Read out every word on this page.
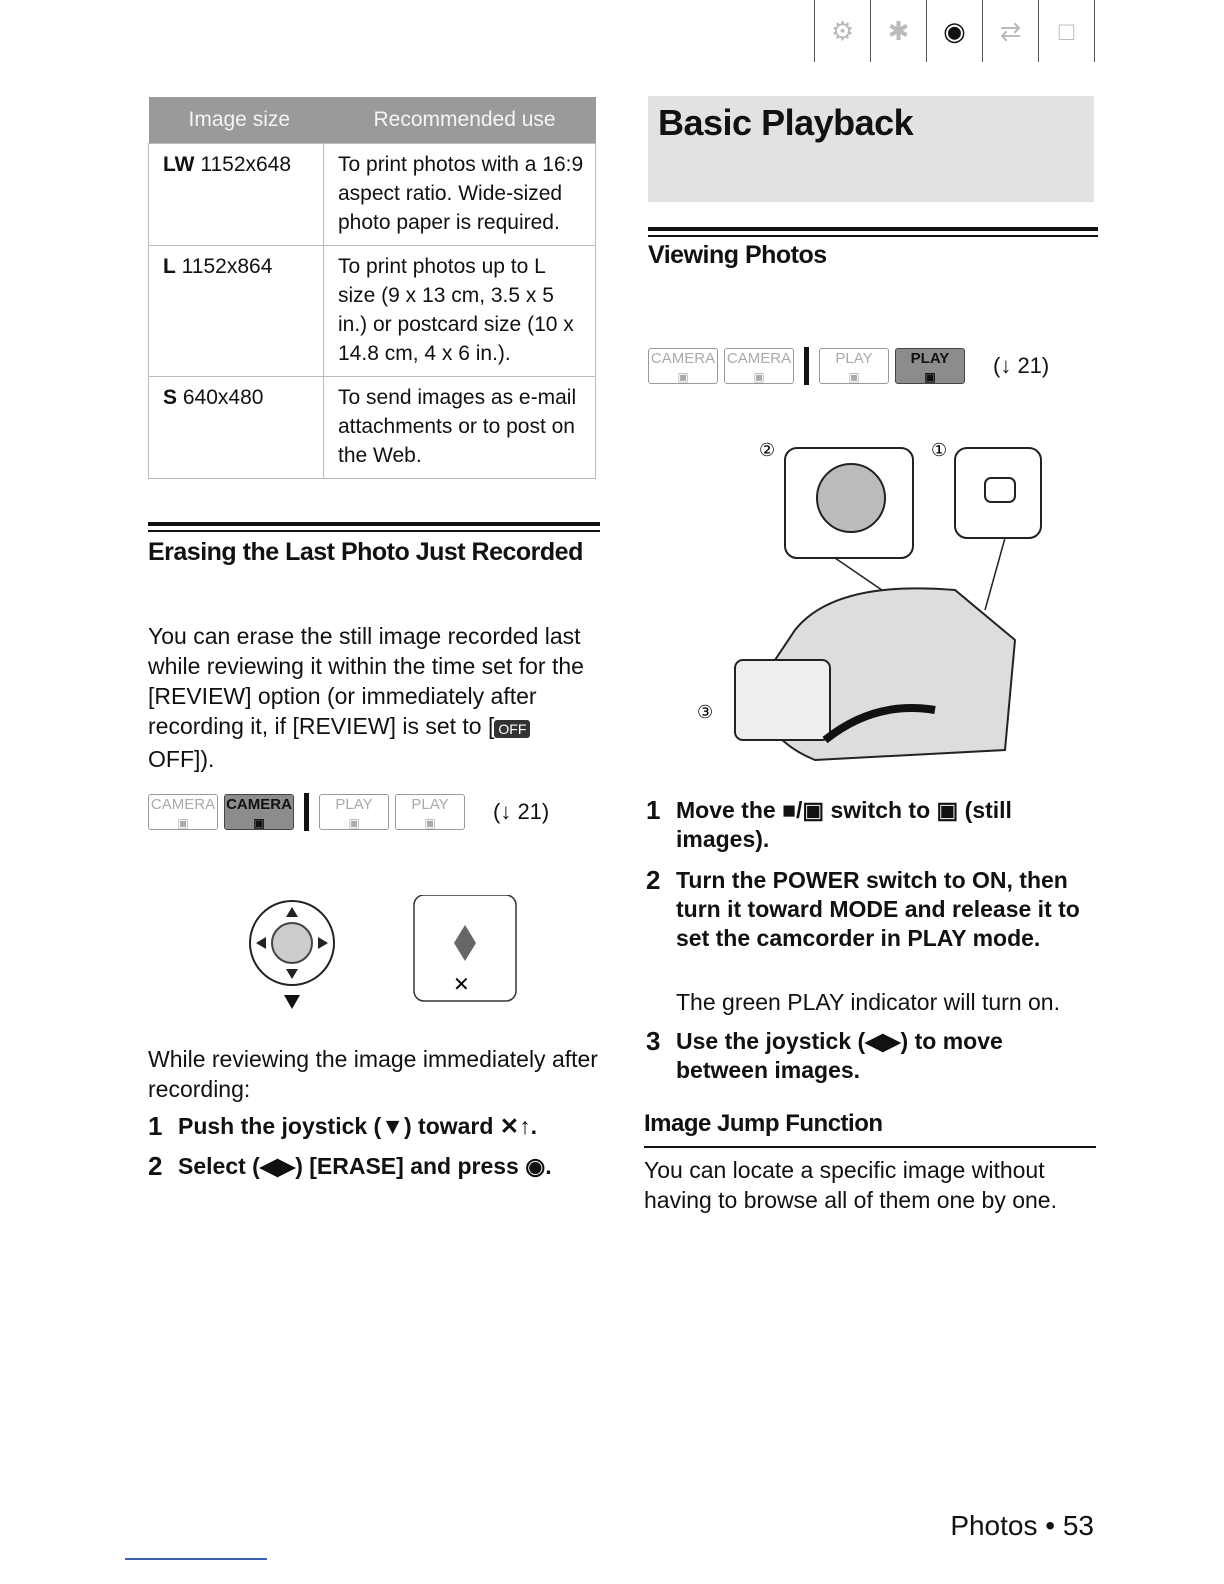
⚙ ✱ ◉ ⇄ □
Image size	Recommended use
LW 1152x648	To print photos with a 16:9 aspect ratio. Wide-sized photo paper is required.
L 1152x864	To print photos up to L size (9 x 13 cm, 3.5 x 5 in.) or postcard size (10 x 14.8 cm, 4 x 6 in.).
S 640x480	To send images as e-mail attachments or to post on the Web.
Erasing the Last Photo Just Recorded
You can erase the still image recorded last while reviewing it within the time set for the [REVIEW] option (or immediately after recording it, if [REVIEW] is set to [ OFF OFF]).
CAMERA
▣
CAMERA
▣
PLAY
▣
PLAY
▣	(↓ 21)
✕
While reviewing the image immediately after recording:
1 Push the joystick (▼) toward ✕↑.
2 Select (◀▶) [ERASE] and press ◉.
Basic Playback
Viewing Photos
CAMERA
▣
CAMERA
▣
PLAY
▣
PLAY
▣	(↓ 21)
②	①
③
1 Move the ■/▣ switch to ▣ (still images).
2 Turn the POWER switch to ON, then turn it toward MODE and release it to set the camcorder in PLAY mode.
The green PLAY indicator will turn on.
3 Use the joystick (◀▶) to move between images.
Image Jump Function
You can locate a specific image without having to browse all of them one by one.
Photos • 53
